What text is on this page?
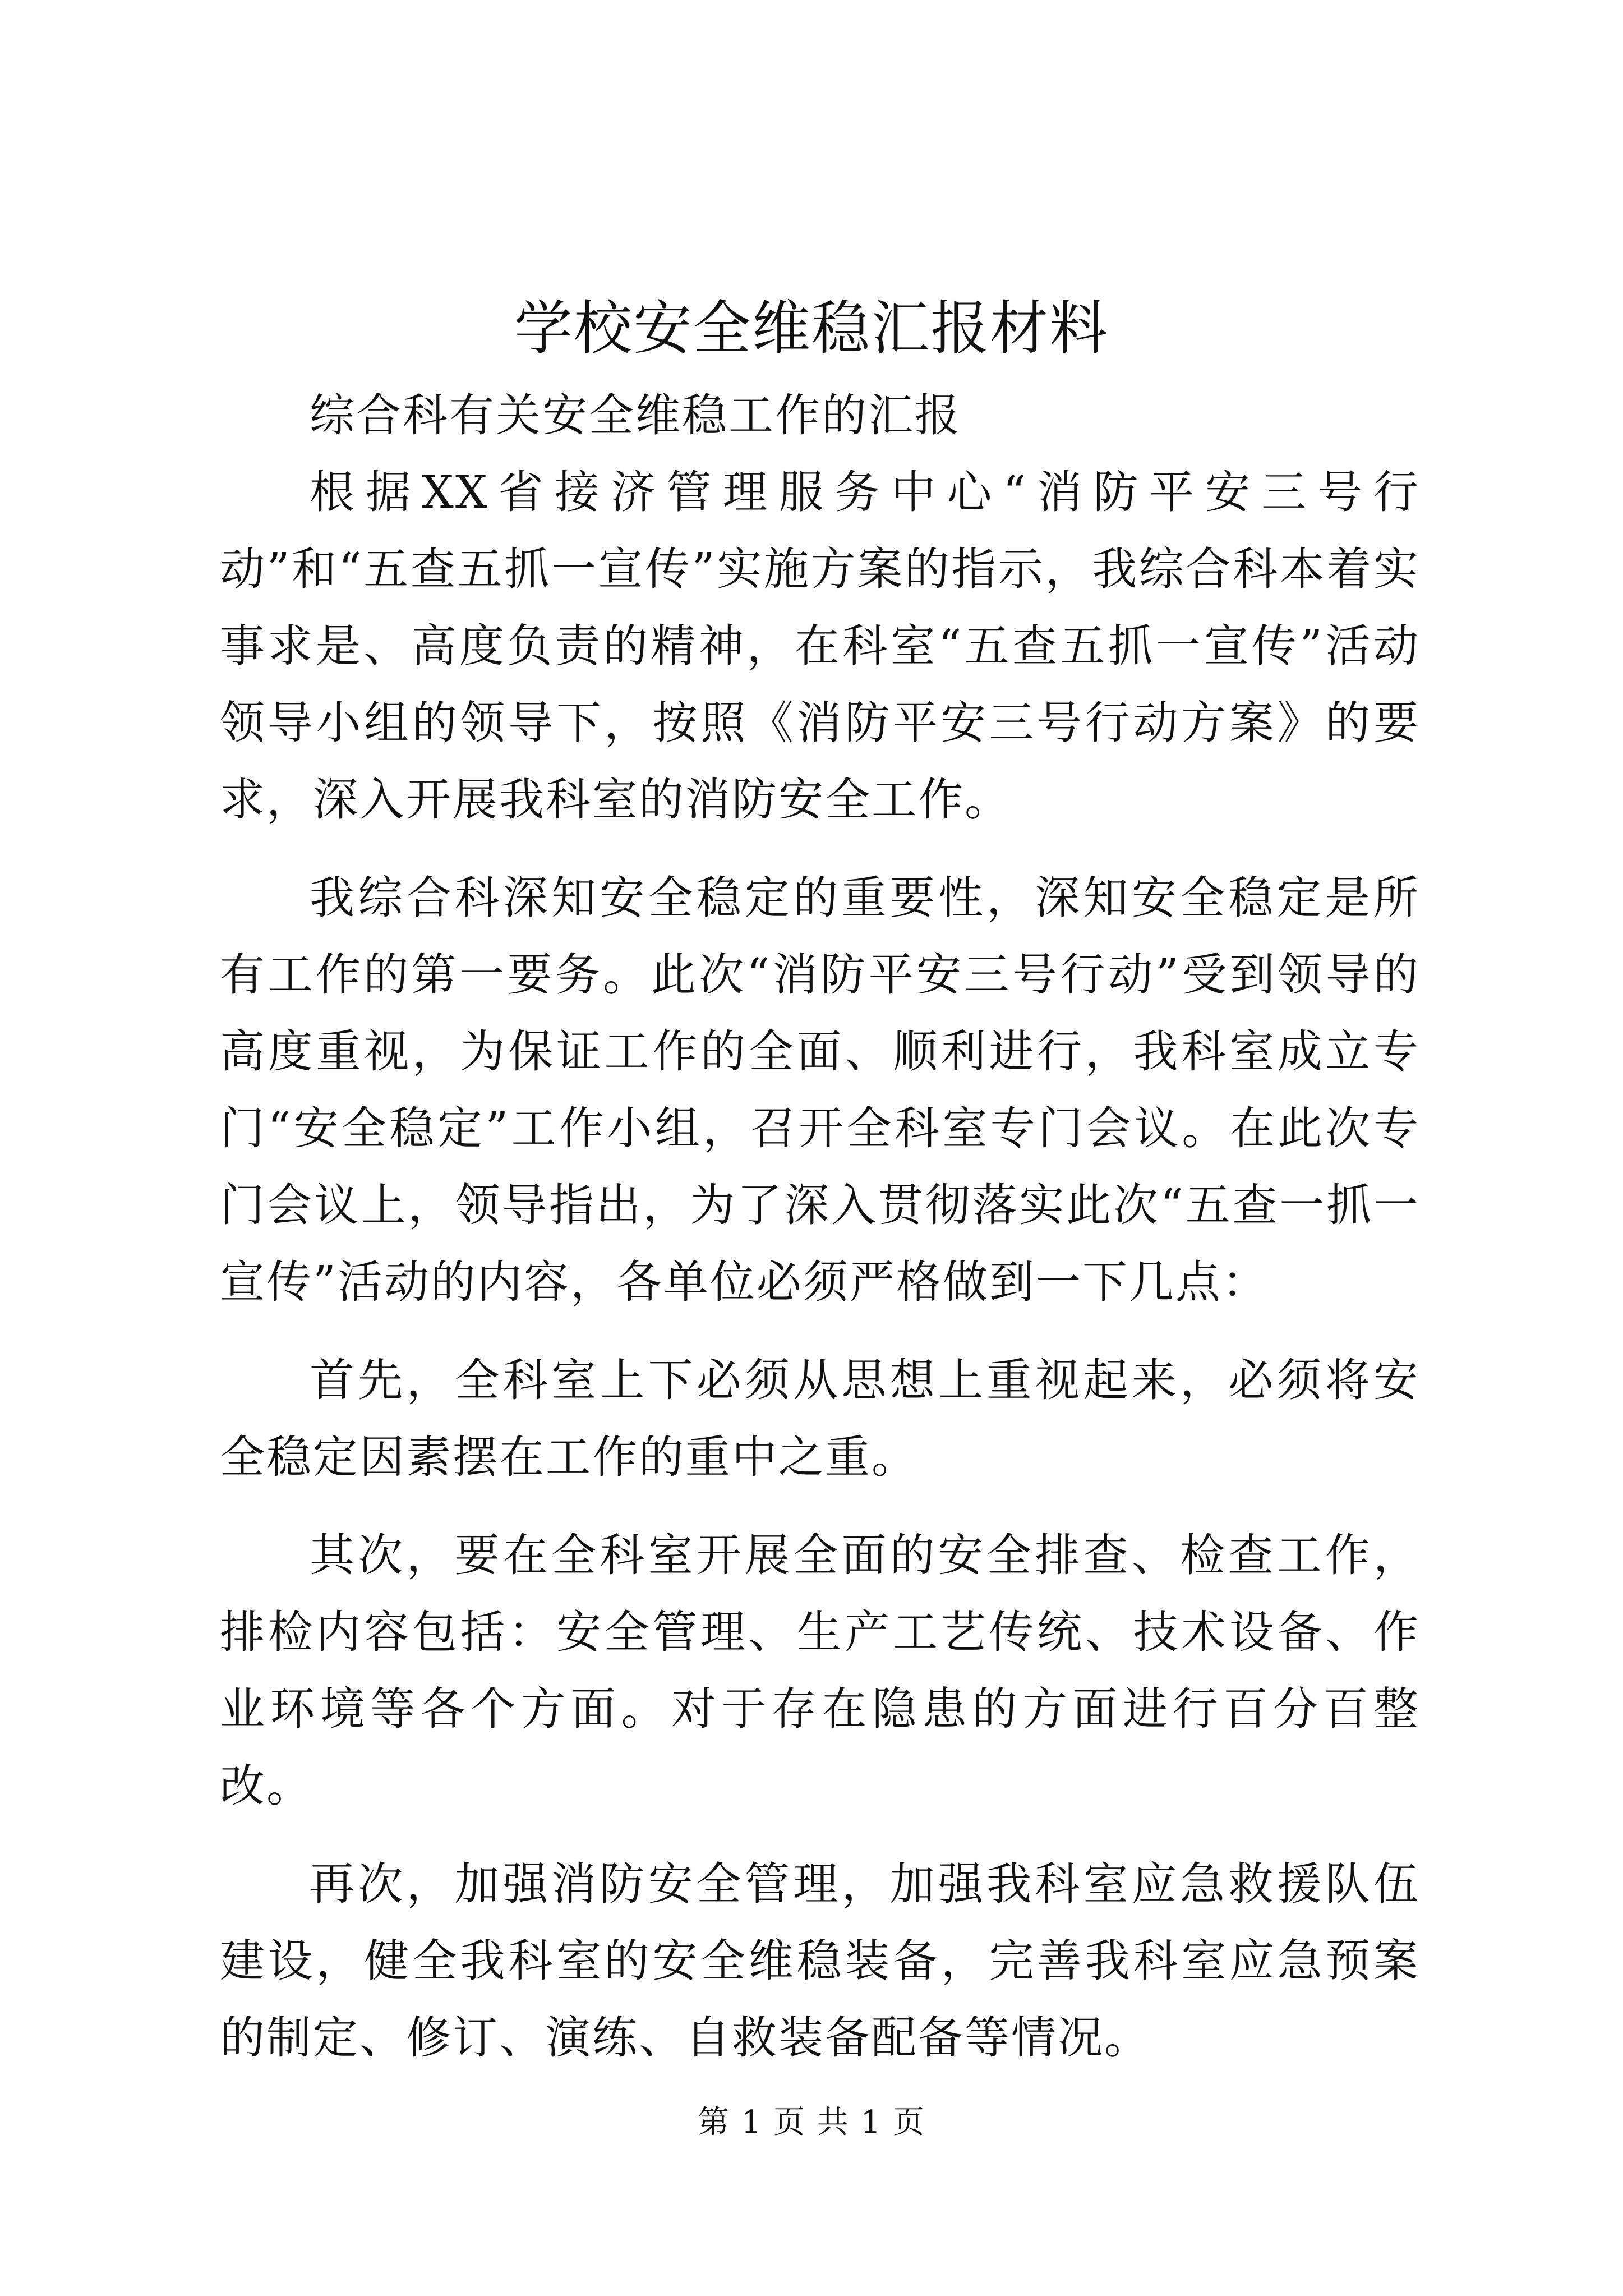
学校安全维稳汇报材料

综合科有关安全维稳工作的汇报

根据XX省接济管理服务中心“消防平安三号行动”和“五查五抓一宣传”实施方案的指示，我综合科本着实事求是、高度负责的精神，在科室“五查五抓一宣传”活动领导小组的领导下，按照《消防平安三号行动方案》的要求，深入开展我科室的消防安全工作。

我综合科深知安全稳定的重要性，深知安全稳定是所有工作的第一要务。此次“消防平安三号行动”受到领导的高度重视，为保证工作的全面、顺利进行，我科室成立专门“安全稳定”工作小组，召开全科室专门会议。在此次专门会议上，领导指出，为了深入贯彻落实此次“五查一抓一宣传”活动的内容，各单位必须严格做到一下几点：

首先，全科室上下必须从思想上重视起来，必须将安全稳定因素摆在工作的重中之重。

其次，要在全科室开展全面的安全排查、检查工作，排检内容包括：安全管理、生产工艺传统、技术设备、作业环境等各个方面。对于存在隐患的方面进行百分百整改。

再次，加强消防安全管理，加强我科室应急救援队伍建设，健全我科室的安全维稳装备，完善我科室应急预案的制定、修订、演练、自救装备配备等情况。

第 1 页 共 1 页
